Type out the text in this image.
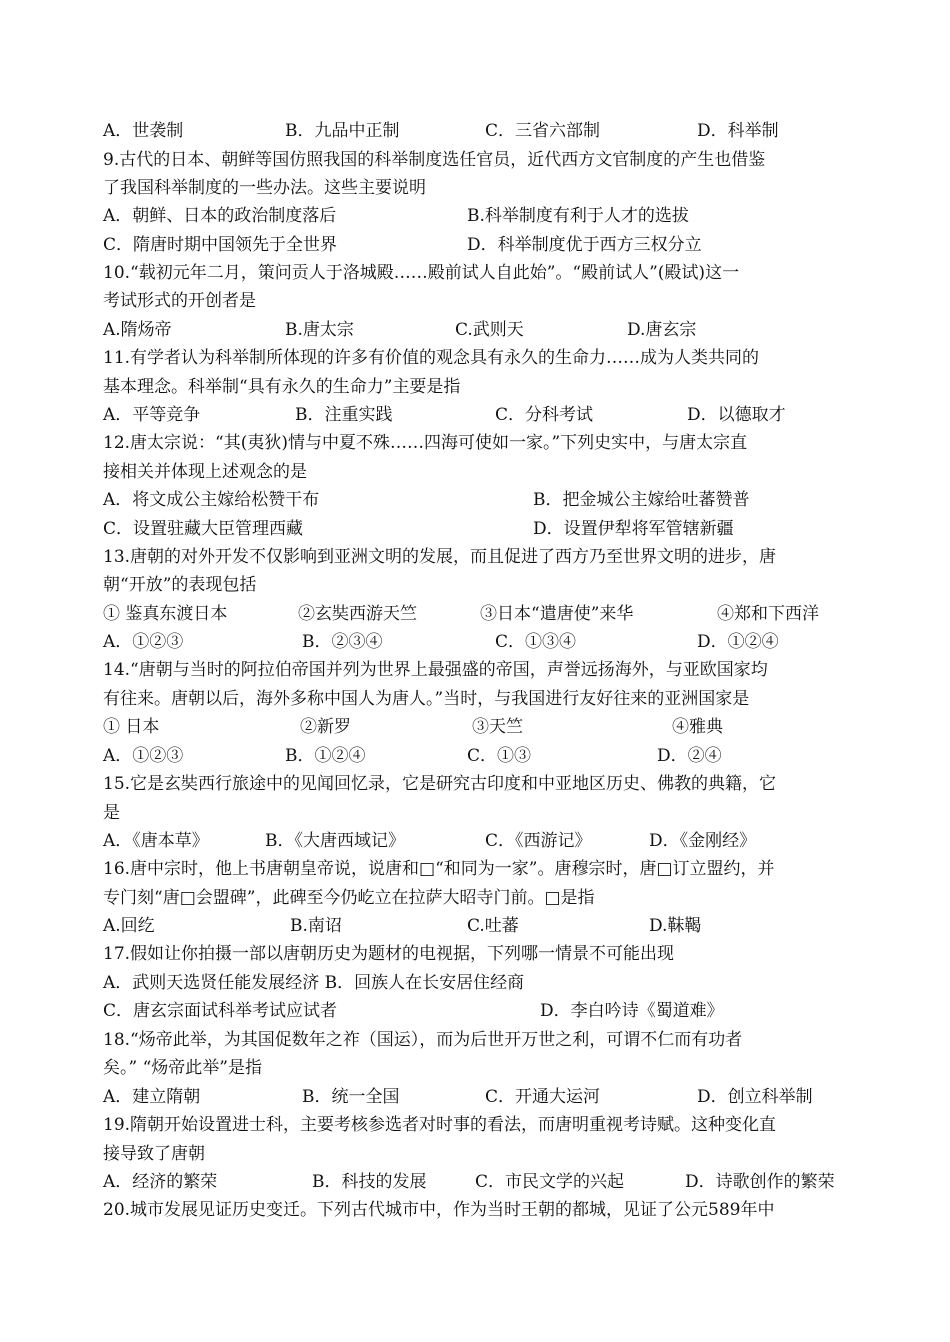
A．世袭制	B．九品中正制	C．三省六部制	D．科举制
9.古代的日本、朝鲜等国仿照我国的科举制度选任官员，近代西方文官制度的产生也借鉴
了我国科举制度的一些办法。这些主要说明
A．朝鲜、日本的政治制度落后	B.科举制度有利于人才的选拔
C．隋唐时期中国领先于全世界	D．科举制度优于西方三权分立
10.“载初元年二月，策问贡人于洛城殿……殿前试人自此始”。“殿前试人”(殿试)这一
考试形式的开创者是
A.隋炀帝	B.唐太宗	C.武则天	D.唐玄宗
11.有学者认为科举制所体现的许多有价值的观念具有永久的生命力……成为人类共同的
基本理念。科举制“具有永久的生命力”主要是指
A．平等竞争	B．注重实践	C．分科考试	D．以德取才
12.唐太宗说：“其(夷狄)情与中夏不殊……四海可使如一家。”下列史实中，与唐太宗直
接相关并体现上述观念的是
A．将文成公主嫁给松赞干布	B．把金城公主嫁给吐蕃赞普
C．设置驻藏大臣管理西藏	D．设置伊犁将军管辖新疆
13.唐朝的对外开发不仅影响到亚洲文明的发展，而且促进了西方乃至世界文明的进步，唐
朝“开放”的表现包括
① 鉴真东渡日本	②玄奘西游天竺	③日本“遣唐使”来华	④郑和下西洋
A．①②③	B．②③④	C．①③④	D．①②④
14.“唐朝与当时的阿拉伯帝国并列为世界上最强盛的帝国，声誉远扬海外，与亚欧国家均
有往来。唐朝以后，海外多称中国人为唐人。”当时，与我国进行友好往来的亚洲国家是
① 日本	②新罗	③天竺	④雅典
A．①②③	B．①②④	C．①③	D．②④
15.它是玄奘西行旅途中的见闻回忆录，它是研究古印度和中亚地区历史、佛教的典籍，它
是
A．《唐本草》	B．《大唐西域记》	C．《西游记》	D．《金刚经》
16.唐中宗时，他上书唐朝皇帝说，说唐和□“和同为一家”。唐穆宗时，唐□订立盟约，并
专门刻“唐□会盟碑”，此碑至今仍屹立在拉萨大昭寺门前。□是指
A.回纥	B.南诏	C.吐蕃	D.靺鞨
17.假如让你拍摄一部以唐朝历史为题材的电视据，下列哪一情景不可能出现
A．武则天选贤任能发展经济 B．回族人在长安居住经商
C．唐玄宗面试科举考试应试者	D．李白吟诗《蜀道难》
18.“炀帝此举，为其国促数年之祚（国运），而为后世开万世之利，可谓不仁而有功者
矣。” “炀帝此举”是指
A．建立隋朝	B．统一全国	C．开通大运河	D．创立科举制
19.隋朝开始设置进士科，主要考核参选者对时事的看法，而唐明重视考诗赋。这种变化直
接导致了唐朝
A．经济的繁荣	B．科技的发展	C．市民文学的兴起	D．诗歌创作的繁荣
20.城市发展见证历史变迁。下列古代城市中，作为当时王朝的都城，见证了公元589年中
